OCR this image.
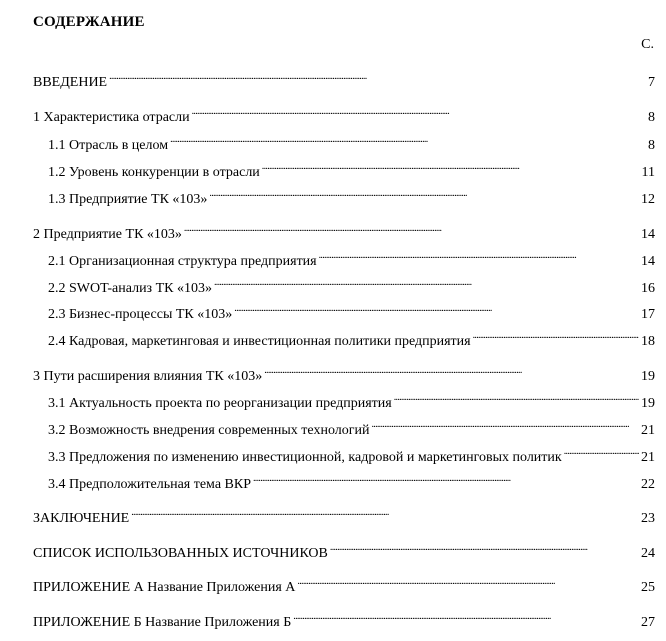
СОДЕРЖАНИЕ
С.
ВВЕДЕНИЕ . . .	7
1 Характеристика отрасли . . .	8
1.1 Отрасль в целом . . .	8
1.2 Уровень конкуренции в отрасли . . .	11
1.3 Предприятие ТК «103» . . .	12
2 Предприятие ТК «103» . . .	14
2.1 Организационная структура предприятия . . .	14
2.2 SWOT-анализ ТК «103» . . .	16
2.3 Бизнес-процессы ТК «103» . . .	17
2.4 Кадровая, маркетинговая и инвестиционная политики предприятия . . .	18
3 Пути расширения влияния ТК «103» . . .	19
3.1 Актуальность проекта по реорганизации предприятия . . .	19
3.2 Возможность внедрения современных технологий . . .	21
3.3 Предложения по изменению инвестиционной, кадровой и маркетинговых политик . . .	21
3.4 Предположительная тема ВКР . . .	22
ЗАКЛЮЧЕНИЕ . . .	23
СПИСОК ИСПОЛЬЗОВАННЫХ ИСТОЧНИКОВ . . .	24
ПРИЛОЖЕНИЕ А Название Приложения А . . .	25
ПРИЛОЖЕНИЕ Б Название Приложения Б . . .	27
